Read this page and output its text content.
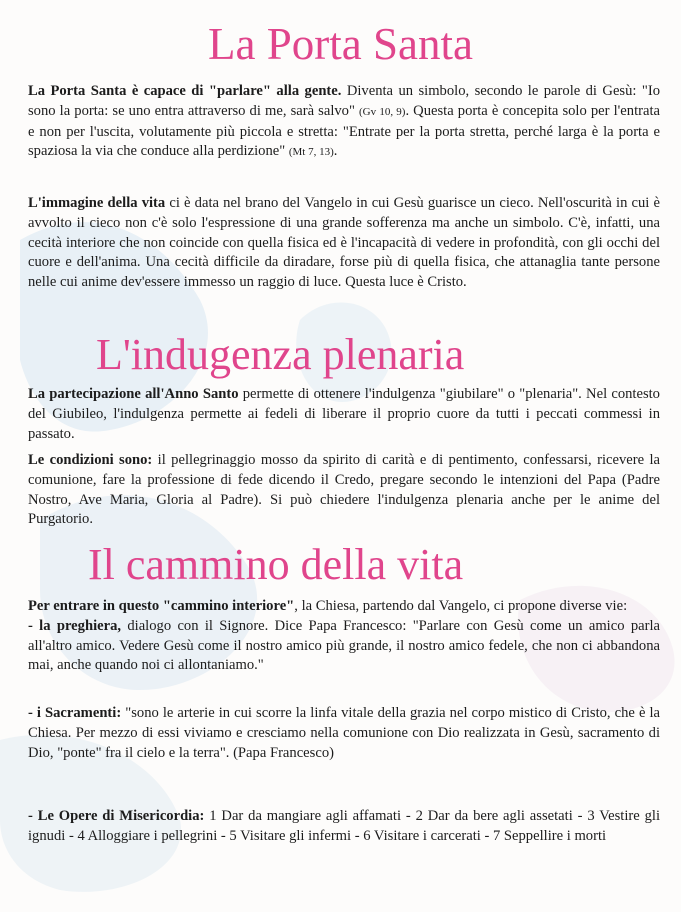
La Porta Santa

La Porta Santa è capace di "parlare" alla gente. Diventa un simbolo, secondo le parole di Gesù: "Io sono la porta: se uno entra attraverso di me, sarà salvo" (Gv 10, 9). Questa porta è concepita solo per l'entrata e non per l'uscita, volutamente più piccola e stretta: "Entrate per la porta stretta, perché larga è la porta e spaziosa la via che conduce alla perdizione" (Mt 7, 13).

L'immagine della vita ci è data nel brano del Vangelo in cui Gesù guarisce un cieco. Nell'oscurità in cui è avvolto il cieco non c'è solo l'espressione di una grande sofferenza ma anche un simbolo. C'è, infatti, una cecità interiore che non coincide con quella fisica ed è l'incapacità di vedere in profondità, con gli occhi del cuore e dell'anima. Una cecità difficile da diradare, forse più di quella fisica, che attanaglia tante persone nelle cui anime dev'essere immesso un raggio di luce. Questa luce è Cristo.

L'indugenza plenaria

La partecipazione all'Anno Santo permette di ottenere l'indulgenza "giubilare" o "plenaria". Nel contesto del Giubileo, l'indulgenza permette ai fedeli di liberare il proprio cuore da tutti i peccati commessi in passato.

Le condizioni sono: il pellegrinaggio mosso da spirito di carità e di pentimento, confessarsi, ricevere la comunione, fare la professione di fede dicendo il Credo, pregare secondo le intenzioni del Papa (Padre Nostro, Ave Maria, Gloria al Padre). Si può chiedere l'indulgenza plenaria anche per le anime del Purgatorio.

Il cammino della vita

Per entrare in questo "cammino interiore", la Chiesa, partendo dal Vangelo, ci propone diverse vie:
- la preghiera, dialogo con il Signore. Dice Papa Francesco: "Parlare con Gesù come un amico parla all'altro amico. Vedere Gesù come il nostro amico più grande, il nostro amico fedele, che non ci abbandona mai, anche quando noi ci allontaniamo."

- i Sacramenti: "sono le arterie in cui scorre la linfa vitale della grazia nel corpo mistico di Cristo, che è la Chiesa. Per mezzo di essi viviamo e cresciamo nella comunione con Dio realizzata in Gesù, sacramento di Dio, "ponte" fra il cielo e la terra". (Papa Francesco)

- Le Opere di Misericordia: 1 Dar da mangiare agli affamati - 2 Dar da bere agli assetati - 3 Vestire gli ignudi - 4 Alloggiare i pellegrini - 5 Visitare gli infermi - 6 Visitare i carcerati - 7 Seppellire i morti
